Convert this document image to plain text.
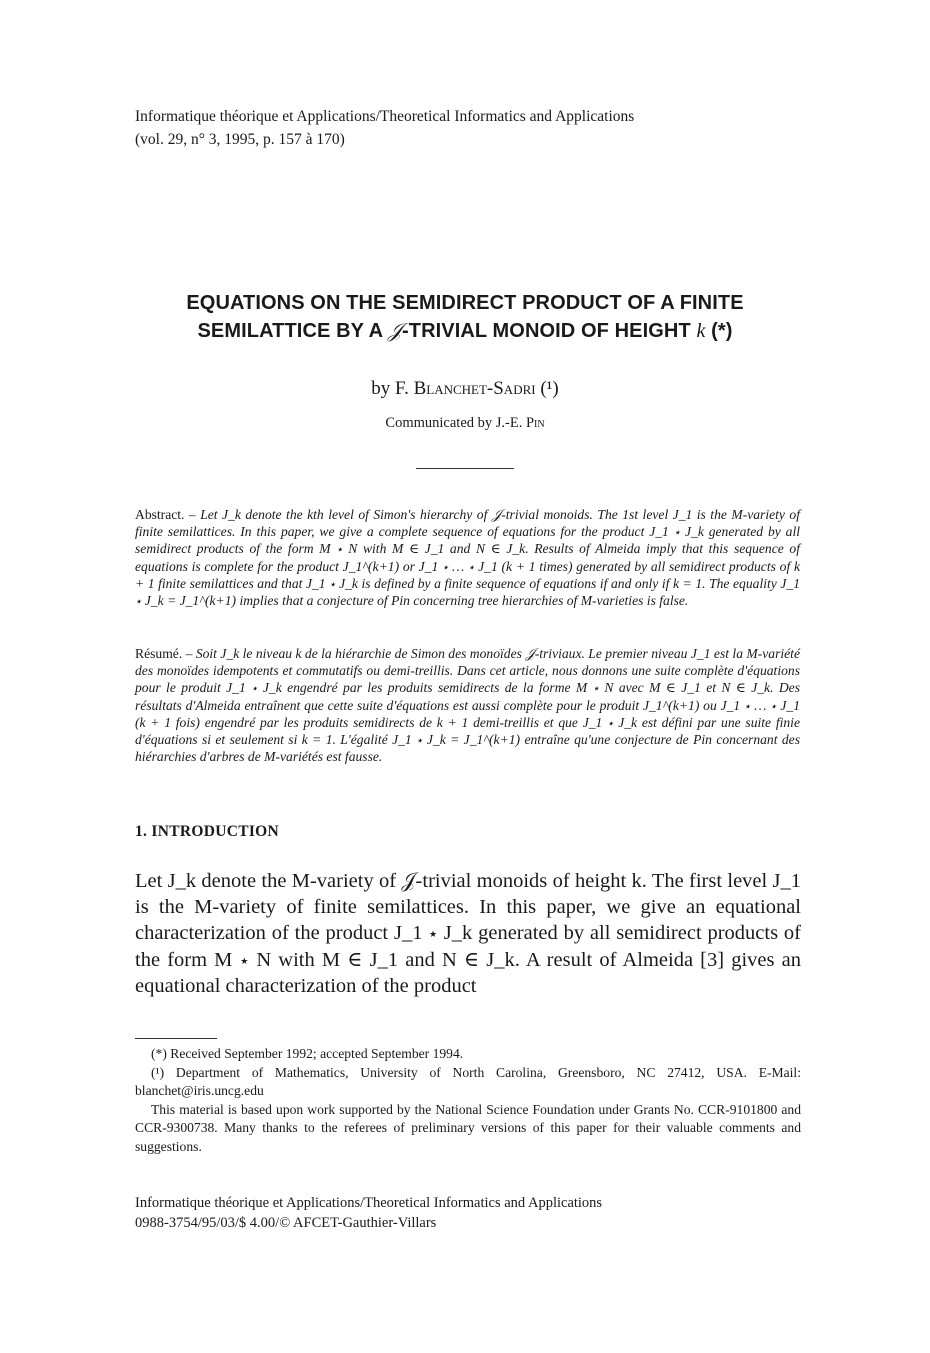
Informatique théorique et Applications/Theoretical Informatics and Applications
(vol. 29, n° 3, 1995, p. 157 à 170)
EQUATIONS ON THE SEMIDIRECT PRODUCT OF A FINITE
SEMILATTICE BY A 𝒥-TRIVIAL MONOID OF HEIGHT k (*)
by F. Blanchet-Sadri (¹)
Communicated by J.-E. Pin
Abstract. – Let J_k denote the kth level of Simon's hierarchy of 𝒥-trivial monoids. The 1st level J_1 is the M-variety of finite semilattices. In this paper, we give a complete sequence of equations for the product J_1 ⋆ J_k generated by all semidirect products of the form M ⋆ N with M ∈ J_1 and N ∈ J_k. Results of Almeida imply that this sequence of equations is complete for the product J_1^(k+1) or J_1 ⋆ … ⋆ J_1 (k + 1 times) generated by all semidirect products of k + 1 finite semilattices and that J_1 ⋆ J_k is defined by a finite sequence of equations if and only if k = 1. The equality J_1 ⋆ J_k = J_1^(k+1) implies that a conjecture of Pin concerning tree hierarchies of M-varieties is false.
Résumé. – Soit J_k le niveau k de la hiérarchie de Simon des monoïdes 𝒥-triviaux. Le premier niveau J_1 est la M-variété des monoïdes idempotents et commutatifs ou demi-treillis. Dans cet article, nous donnons une suite complète d'équations pour le produit J_1 ⋆ J_k engendré par les produits semidirects de la forme M ⋆ N avec M ∈ J_1 et N ∈ J_k. Des résultats d'Almeida entraînent que cette suite d'équations est aussi complète pour le produit J_1^(k+1) ou J_1 ⋆ … ⋆ J_1 (k + 1 fois) engendré par les produits semidirects de k + 1 demi-treillis et que J_1 ⋆ J_k est défini par une suite finie d'équations si et seulement si k = 1. L'égalité J_1 ⋆ J_k = J_1^(k+1) entraîne qu'une conjecture de Pin concernant des hiérarchies d'arbres de M-variétés est fausse.
1. INTRODUCTION
Let J_k denote the M-variety of 𝒥-trivial monoids of height k. The first level J_1 is the M-variety of finite semilattices. In this paper, we give an equational characterization of the product J_1 ⋆ J_k generated by all semidirect products of the form M ⋆ N with M ∈ J_1 and N ∈ J_k. A result of Almeida [3] gives an equational characterization of the product

(*) Received September 1992; accepted September 1994.

(¹) Department of Mathematics, University of North Carolina, Greensboro, NC 27412, USA. E-Mail: blanchet@iris.uncg.edu

This material is based upon work supported by the National Science Foundation under Grants No. CCR-9101800 and CCR-9300738. Many thanks to the referees of preliminary versions of this paper for their valuable comments and suggestions.

Informatique théorique et Applications/Theoretical Informatics and Applications
0988-3754/95/03/$ 4.00/© AFCET-Gauthier-Villars
